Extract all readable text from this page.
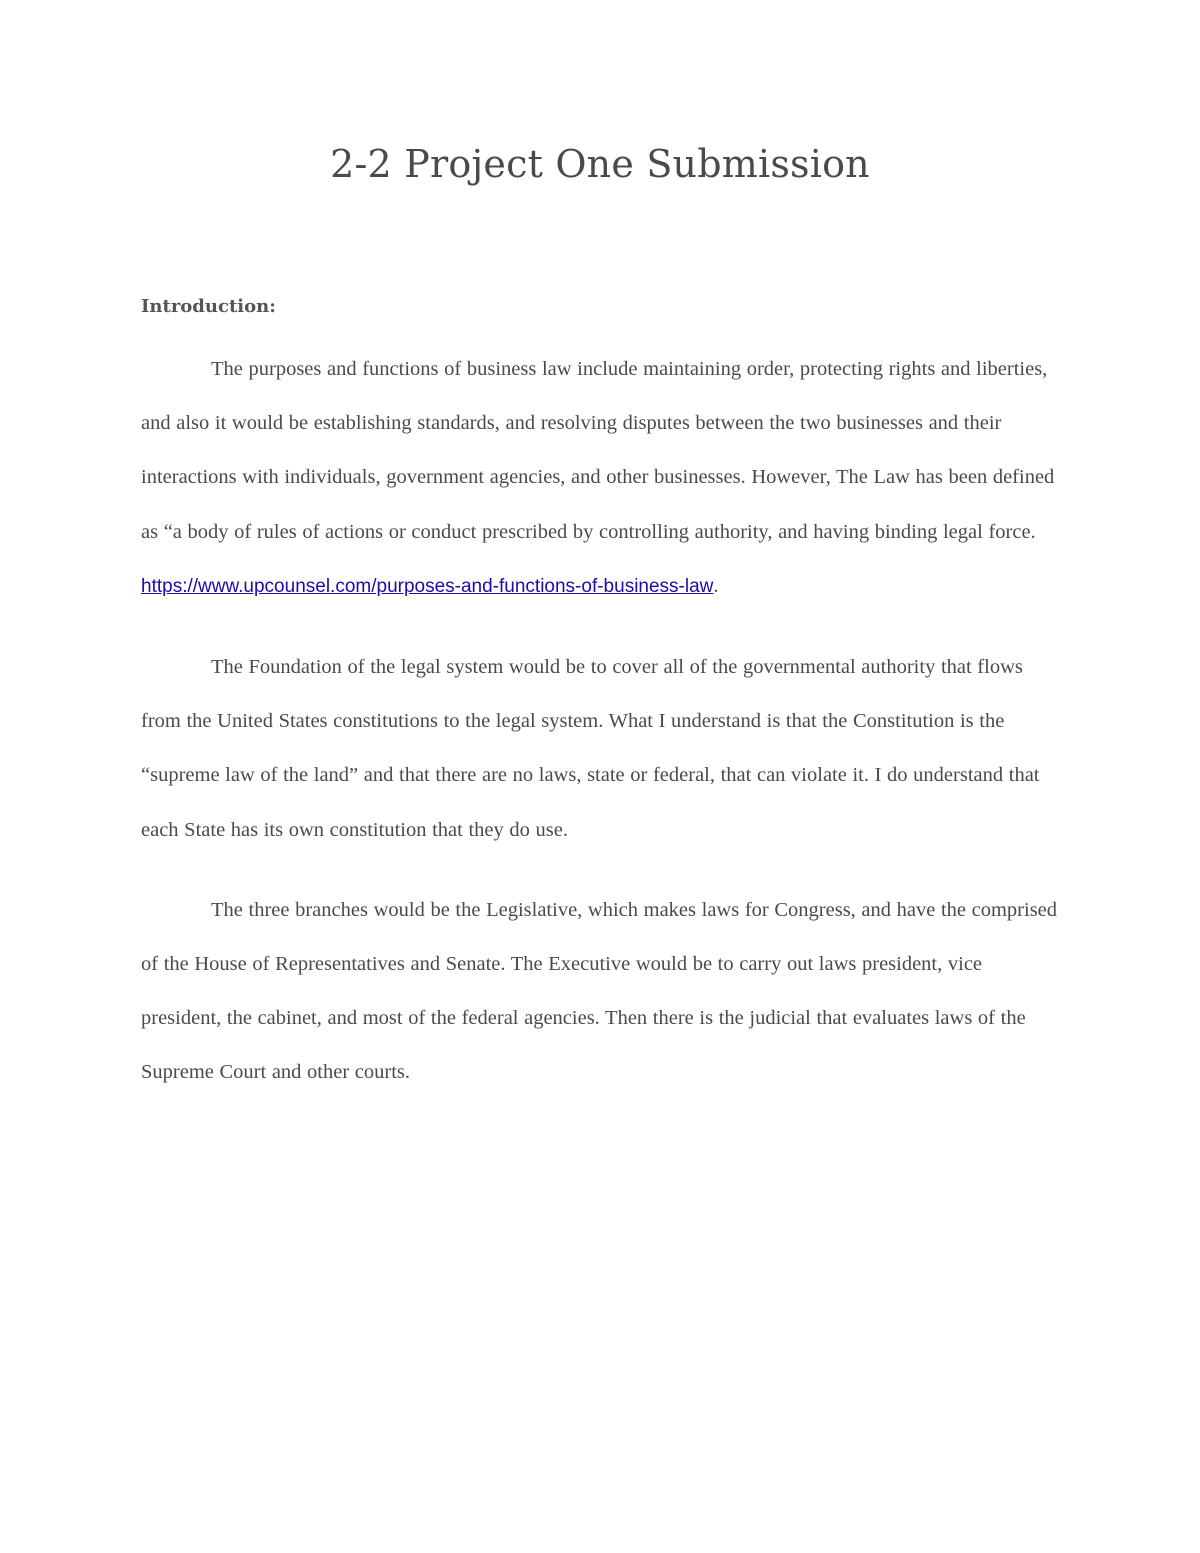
2-2 Project One Submission

Introduction:

The purposes and functions of business law include maintaining order, protecting rights and liberties, and also it would be establishing standards, and resolving disputes between the two businesses and their interactions with individuals, government agencies, and other businesses. However, The Law has been defined as “a body of rules of actions or conduct prescribed by controlling authority, and having binding legal force. https://www.upcounsel.com/purposes-and-functions-of-business-law.

The Foundation of the legal system would be to cover all of the governmental authority that flows from the United States constitutions to the legal system. What I understand is that the Constitution is the “supreme law of the land” and that there are no laws, state or federal, that can violate it. I do understand that each State has its own constitution that they do use.

The three branches would be the Legislative, which makes laws for Congress, and have the comprised of the House of Representatives and Senate. The Executive would be to carry out laws president, vice president, the cabinet, and most of the federal agencies. Then there is the judicial that evaluates laws of the Supreme Court and other courts.
